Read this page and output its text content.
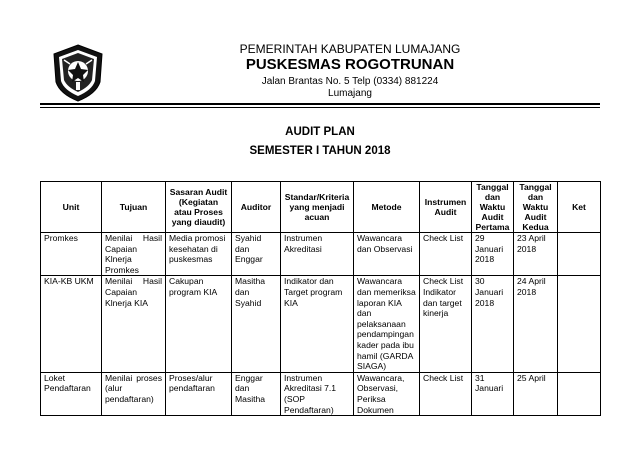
PEMERINTAH KABUPATEN LUMAJANG
PUSKESMAS ROGOTRUNAN
Jalan Brantas No. 5 Telp (0334) 881224
Lumajang
AUDIT PLAN
SEMESTER I TAHUN 2018
Unit	Tujuan	Sasaran Audit (Kegiatan atau Proses yang diaudit)	Auditor	Standar/Kriteria yang menjadi acuan	Metode	Instrumen Audit	Tanggal dan Waktu Audit Pertama	Tanggal dan Waktu Audit Kedua	Ket
Promkes	Menilai Hasil Capaian Klnerja Promkes	Media promosi kesehatan di puskesmas	Syahid dan Enggar	Instrumen Akreditasi	Wawancara dan Observasi	Check List	29 Januari 2018	23 April 2018	
KIA-KB UKM	Menilai Hasil Capaian Klnerja KIA	Cakupan program KIA	Masitha dan Syahid	Indikator dan Target program KIA	Wawancara dan memeriksa laporan KIA dan pelaksanaan pendampingan kader pada ibu hamil (GARDA SIAGA)	Check List Indikator dan target kinerja	30 Januari 2018	24 April 2018	
Loket Pendaftaran	Menilai proses (alur pendaftaran)	Proses/alur pendaftaran	Enggar dan Masitha	Instrumen Akreditasi 7.1 (SOP Pendaftaran)	Wawancara, Observasi, Periksa Dokumen	Check List	31 Januari	25 April	
